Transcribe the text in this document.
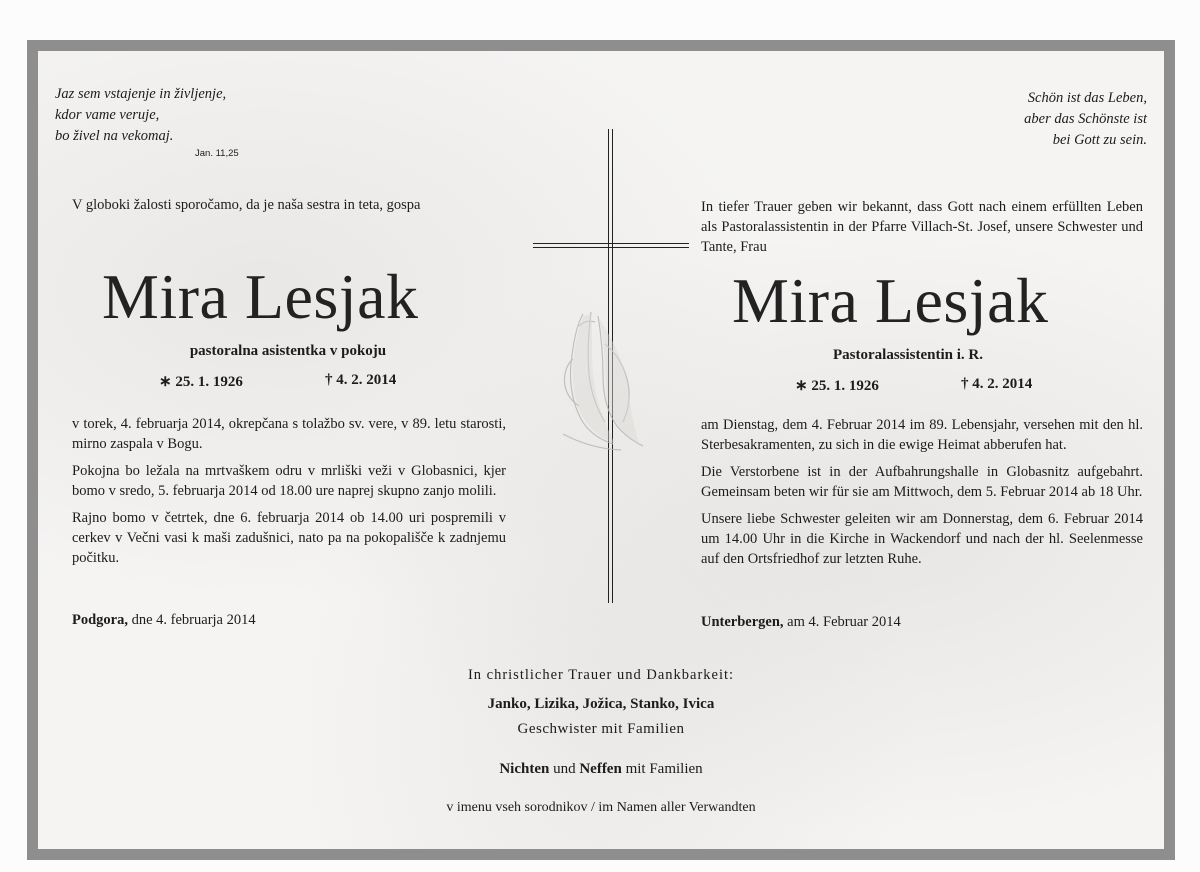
Jaz sem vstajenje in življenje,
kdor vame veruje,
bo živel na vekomaj.
Jan. 11,25
Schön ist das Leben,
aber das Schönste ist
bei Gott zu sein.
V globoki žalosti sporočamo, da je naša sestra in teta, gospa
Mira Lesjak
pastoralna asistentka v pokoju
∗ 25. 1. 1926	† 4. 2. 2014

v torek, 4. februarja 2014, okrepčana s tolažbo sv. vere, v 89. letu starosti, mirno zaspala v Bogu.

Pokojna bo ležala na mrtvaškem odru v mrliški veži v Globasnici, kjer bomo v sredo, 5. februarja 2014 od 18.00 ure naprej skupno zanjo molili.

Rajno bomo v četrtek, dne 6. februarja 2014 ob 14.00 uri pospremili v cerkev v Večni vasi k maši zadušnici, nato pa na pokopališče k zadnjemu počitku.

Podgora, dne 4. februarja 2014
In tiefer Trauer geben wir bekannt, dass Gott nach einem erfüllten Leben als Pastoralassistentin in der Pfarre Villach-St. Josef, unsere Schwester und Tante, Frau
Mira Lesjak
Pastoralassistentin i. R.
∗ 25. 1. 1926	† 4. 2. 2014

am Dienstag, dem 4. Februar 2014 im 89. Lebensjahr, versehen mit den hl. Sterbesakramenten, zu sich in die ewige Heimat abberufen hat.

Die Verstorbene ist in der Aufbahrungshalle in Globasnitz aufgebahrt. Gemeinsam beten wir für sie am Mittwoch, dem 5. Februar 2014 ab 18 Uhr.

Unsere liebe Schwester geleiten wir am Donnerstag, dem 6. Februar 2014 um 14.00 Uhr in die Kirche in Wackendorf und nach der hl. Seelenmesse auf den Ortsfriedhof zur letzten Ruhe.

Unterbergen, am 4. Februar 2014
In christlicher Trauer und Dankbarkeit:
Janko, Lizika, Jožica, Stanko, Ivica
Geschwister mit Familien
Nichten und Neffen mit Familien
v imenu vseh sorodnikov / im Namen aller Verwandten
